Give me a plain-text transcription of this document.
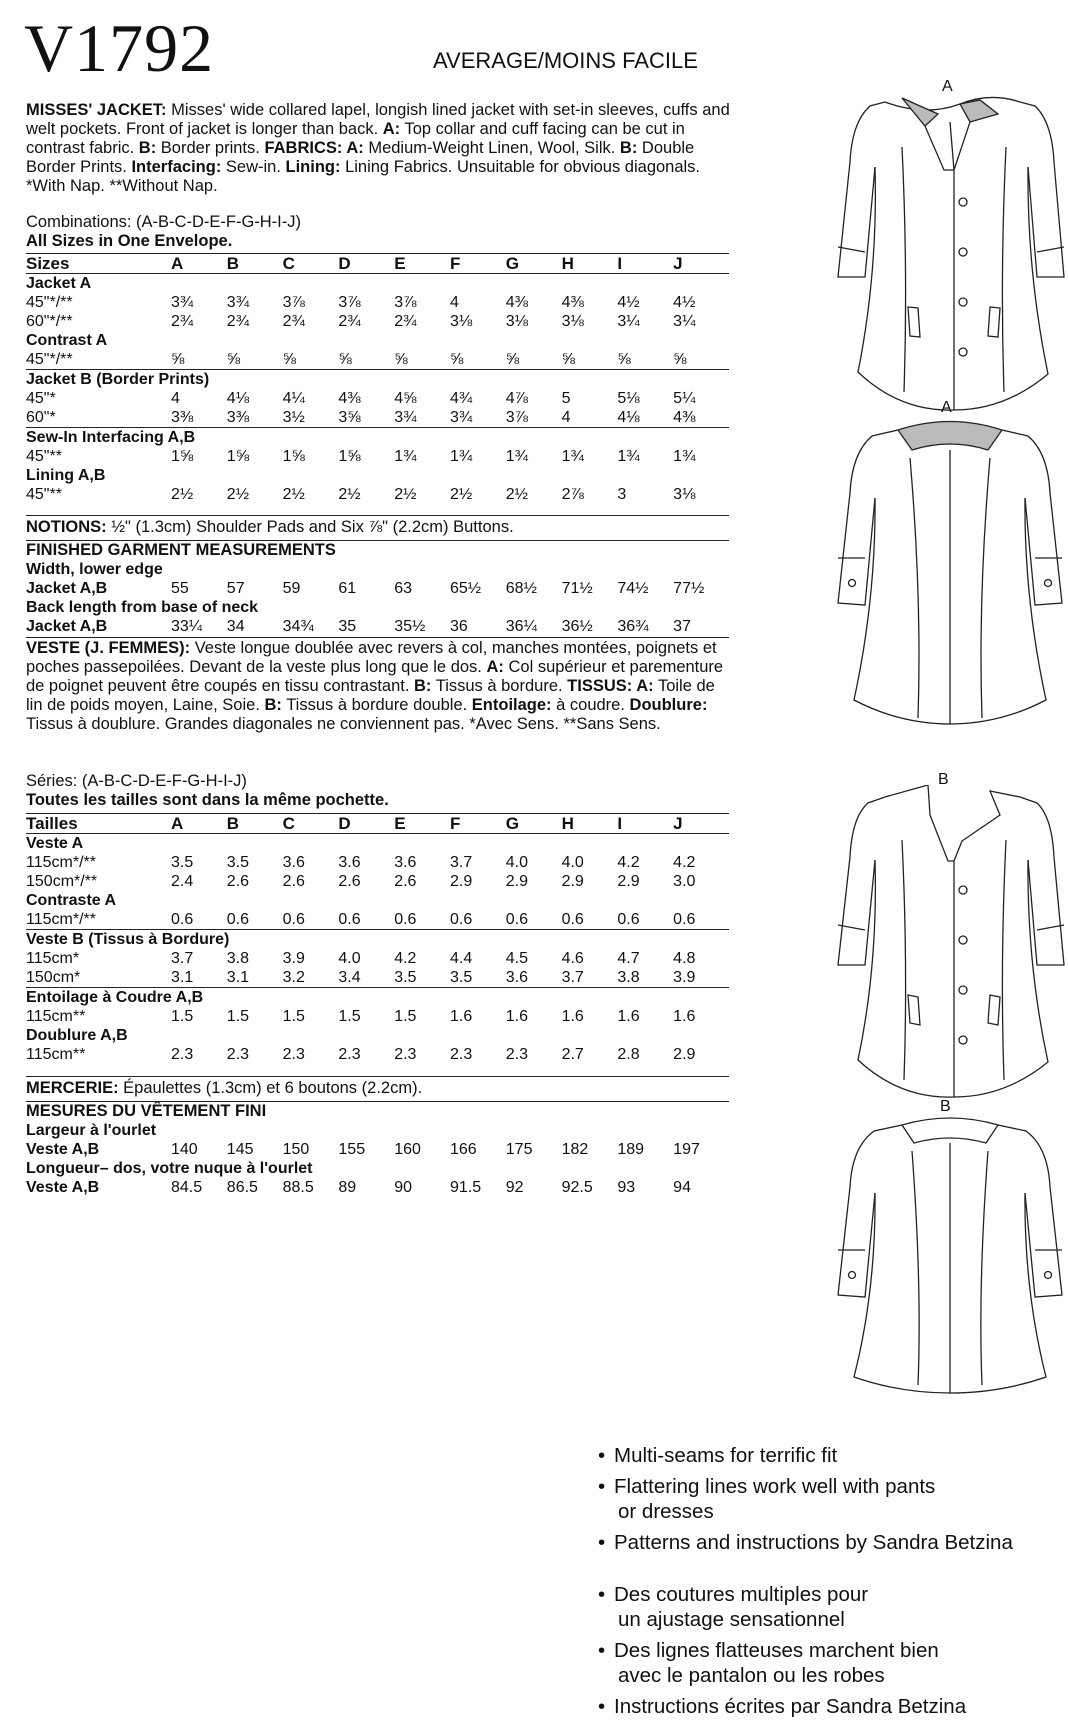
V1792	AVERAGE/MOINS FACILE
MISSES' JACKET: Misses' wide collared lapel, longish lined jacket with set-in sleeves, cuffs and welt pockets. Front of jacket is longer than back. A: Top collar and cuff facing can be cut in contrast fabric. B: Border prints. FABRICS: A: Medium-Weight Linen, Wool, Silk. B: Double Border Prints. Interfacing: Sew-in. Lining: Lining Fabrics. Unsuitable for obvious diagonals. *With Nap. **Without Nap.
Combinations: (A-B-C-D-E-F-G-H-I-J)
All Sizes in One Envelope.
Sizes	A	B	C	D	E	F	G	H	I	J
Jacket A										
45"*/**	3¾	3¾	3⅞	3⅞	3⅞	4	4⅜	4⅜	4½	4½
60"*/**	2¾	2¾	2¾	2¾	2¾	3⅛	3⅛	3⅛	3¼	3¼
Contrast A										
45"*/**	⅝	⅝	⅝	⅝	⅝	⅝	⅝	⅝	⅝	⅝
Jacket B (Border Prints)										
45"*	4	4⅛	4¼	4⅜	4⅝	4¾	4⅞	5	5⅛	5¼
60"*	3⅜	3⅜	3½	3⅝	3¾	3¾	3⅞	4	4⅛	4⅜
Sew-In Interfacing A,B										
45"**	1⅝	1⅝	1⅝	1⅝	1¾	1¾	1¾	1¾	1¾	1¾
Lining A,B										
45"**	2½	2½	2½	2½	2½	2½	2½	2⅞	3	3⅛
NOTIONS: ½" (1.3cm) Shoulder Pads and Six ⅞" (2.2cm) Buttons.
FINISHED GARMENT MEASUREMENTS
Width, lower edge										
Jacket A,B	55	57	59	61	63	65½	68½	71½	74½	77½
Back length from base of neck										
Jacket A,B	33¼	34	34¾	35	35½	36	36¼	36½	36¾	37
VESTE (J. FEMMES): Veste longue doublée avec revers à col, manches montées, poignets et poches passepoilées. Devant de la veste plus long que le dos. A: Col supérieur et parementure de poignet peuvent être coupés en tissu contrastant. B: Tissus à bordure. TISSUS: A: Toile de lin de poids moyen, Laine, Soie. B: Tissus à bordure double. Entoilage: à coudre. Doublure: Tissus à doublure. Grandes diagonales ne conviennent pas. *Avec Sens. **Sans Sens.
Séries: (A-B-C-D-E-F-G-H-I-J)
Toutes les tailles sont dans la même pochette.
Tailles	A	B	C	D	E	F	G	H	I	J
Veste A										
115cm*/**	3.5	3.5	3.6	3.6	3.6	3.7	4.0	4.0	4.2	4.2
150cm*/**	2.4	2.6	2.6	2.6	2.6	2.9	2.9	2.9	2.9	3.0
Contraste A										
115cm*/**	0.6	0.6	0.6	0.6	0.6	0.6	0.6	0.6	0.6	0.6
Veste B (Tissus à Bordure)										
115cm*	3.7	3.8	3.9	4.0	4.2	4.4	4.5	4.6	4.7	4.8
150cm*	3.1	3.1	3.2	3.4	3.5	3.5	3.6	3.7	3.8	3.9
Entoilage à Coudre A,B										
115cm**	1.5	1.5	1.5	1.5	1.5	1.6	1.6	1.6	1.6	1.6
Doublure A,B										
115cm**	2.3	2.3	2.3	2.3	2.3	2.3	2.3	2.7	2.8	2.9
MERCERIE: Épaulettes (1.3cm) et 6 boutons (2.2cm).
MESURES DU VÊTEMENT FINI
Largeur à l'ourlet										
Veste A,B	140	145	150	155	160	166	175	182	189	197
Longueur– dos, votre nuque à l'ourlet										
Veste A,B	84.5	86.5	88.5	89	90	91.5	92	92.5	93	94
A
A
B
B
• Multi-seams for terrific fit
• Flattering lines work well with pants
or dresses
• Patterns and instructions by Sandra Betzina
• Des coutures multiples pour
un ajustage sensationnel
• Des lignes flatteuses marchent bien
avec le pantalon ou les robes
• Instructions écrites par Sandra Betzina
